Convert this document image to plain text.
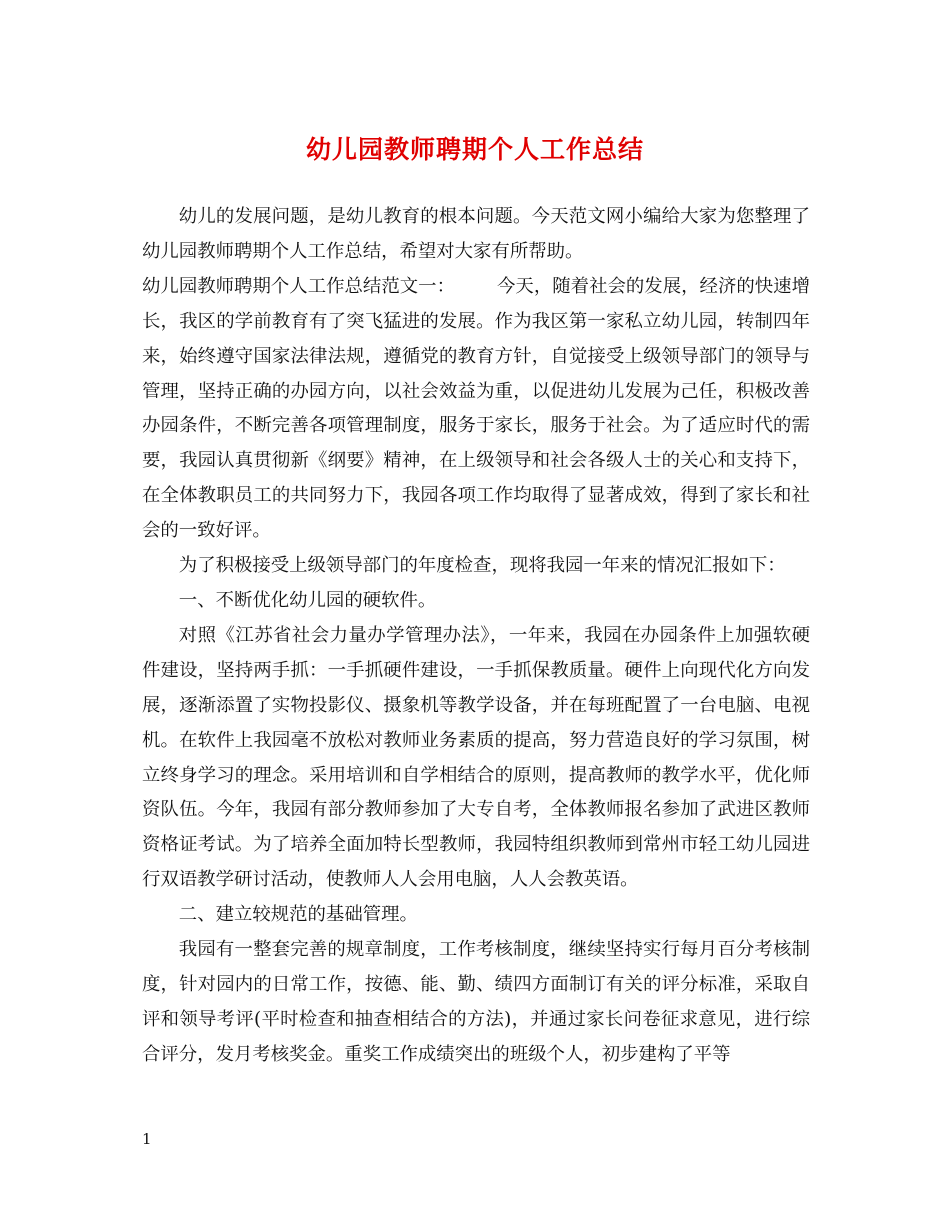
幼儿园教师聘期个人工作总结

幼儿的发展问题，是幼儿教育的根本问题。今天范文网小编给大家为您整理了幼儿园教师聘期个人工作总结，希望对大家有所帮助。

幼儿园教师聘期个人工作总结范文一： 今天，随着社会的发展，经济的快速增长，我区的学前教育有了突飞猛进的发展。作为我区第一家私立幼儿园，转制四年来，始终遵守国家法律法规，遵循党的教育方针，自觉接受上级领导部门的领导与管理，坚持正确的办园方向，以社会效益为重，以促进幼儿发展为己任，积极改善办园条件，不断完善各项管理制度，服务于家长，服务于社会。为了适应时代的需要，我园认真贯彻新《纲要》精神，在上级领导和社会各级人士的关心和支持下，在全体教职员工的共同努力下，我园各项工作均取得了显著成效，得到了家长和社会的一致好评。

为了积极接受上级领导部门的年度检查，现将我园一年来的情况汇报如下：

一、不断优化幼儿园的硬软件。

对照《江苏省社会力量办学管理办法》，一年来，我园在办园条件上加强软硬件建设，坚持两手抓：一手抓硬件建设，一手抓保教质量。硬件上向现代化方向发展，逐渐添置了实物投影仪、摄象机等教学设备，并在每班配置了一台电脑、电视机。在软件上我园毫不放松对教师业务素质的提高，努力营造良好的学习氛围，树立终身学习的理念。采用培训和自学相结合的原则，提高教师的教学水平，优化师资队伍。今年，我园有部分教师参加了大专自考，全体教师报名参加了武进区教师资格证考试。为了培养全面加特长型教师，我园特组织教师到常州市轻工幼儿园进行双语教学研讨活动，使教师人人会用电脑，人人会教英语。

二、建立较规范的基础管理。

我园有一整套完善的规章制度，工作考核制度，继续坚持实行每月百分考核制度，针对园内的日常工作，按德、能、勤、绩四方面制订有关的评分标准，采取自评和领导考评(平时检查和抽查相结合的方法)，并通过家长问卷征求意见，进行综合评分，发月考核奖金。重奖工作成绩突出的班级个人，初步建构了平等

1
